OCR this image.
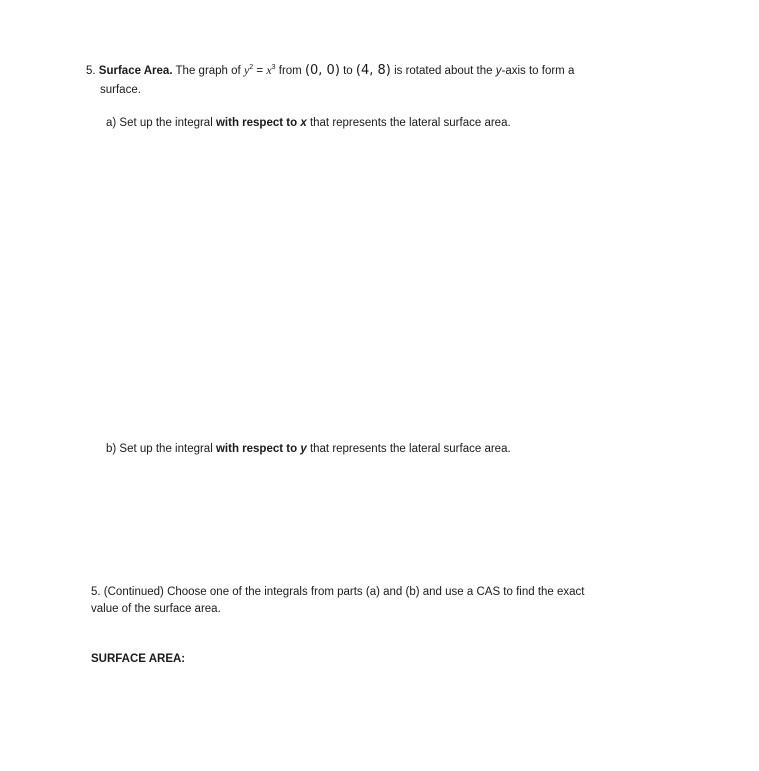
5. Surface Area. The graph of $y^2 = x^3$ from (0, 0) to (4, 8) is rotated about the y-axis to form a
surface.
a) Set up the integral with respect to x that represents the lateral surface area.
b) Set up the integral with respect to y that represents the lateral surface area.
5. (Continued) Choose one of the integrals from parts (a) and (b) and use a CAS to find the exact
value of the surface area.
SURFACE AREA:
